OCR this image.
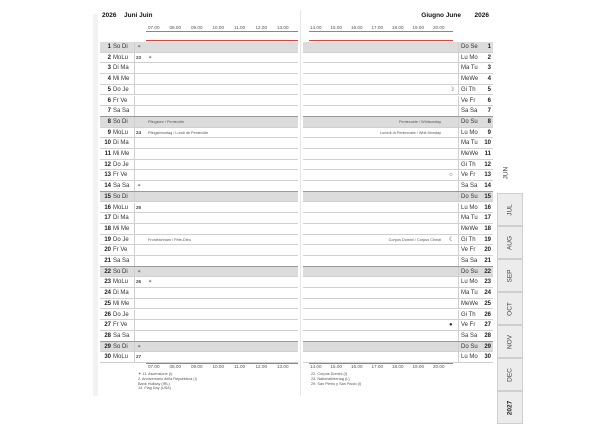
2026 Juni Juin
07.00 08.00 09.00 10.00 11.00 12.00 13.00
1 So Di ✶
2 MoLu 23 ✶
3 Di Ma
4 Mi Me
5 Do Je
6 Fr Ve
7 Sa Sa
8 So Di	Pfingsten / Pentecôte
9 MoLu 24 Pfingstmontag / Lundi de Pentecôte
10 Di Ma
11 Mi Me
12 Do Je
13 Fr Ve
14 Sa Sa ✶
15 So Di
16 MoLu 25
17 Di Ma
18 Mi Me
19 Do Je	Fronleichnam / Fête-Dieu
20 Fr Ve
21 Sa Sa
22 So Di ✶
23 MoLu 26 ✶
24 Di Ma
25 Mi Me
26 Do Je
27 Fr Ve
28 Sa Sa
29 So Di ✶
30 MoLu 27
07.00 08.00 09.00 10.00 11.00 12.00 13.00
✶ 11. Ascensione (I)
2. Anniversario della Repubblica (I)
Bank Holiday (IRL)
14. Flag Day (USA)
Giugno June 2026
14.00 15.00 16.00 17.00 18.00 19.00 20.00
Do Se	1
Lu Mo	2
Ma Tu	3
MeWe	4
☽ Gi Th	5
Ve Fr	6
Sa Sa	7
Pentecoste / Whitsunday	Do Su	8
Lunedì di Pentecoste / Whit Monday	Lu Mo	9
Ma Tu	10
MeWe	11
Gi Th	12
○ Ve Fr	13
Sa Sa	14
Do Su	15
Lu Mo	16
Ma Tu	17
MeWe	18
Corpus Domini / Corpus Christi ☾ Gi Th	19
Ve Fr	20
Sa Sa	21
Do Su	22
Lu Mo	23
Ma Tu	24
MeWe	25
Gi Th	26
● Ve Fr	27
Sa Sa	28
Do Su	29
Lu Mo	30
14.00 15.00 16.00 17.00 18.00 19.00 20.00
22. Corpus Domini (I)
23. Nationalfeiertag (L)
29. San Pietro y San Paolo (I)
JUN
JUL
AUG
SEP
OCT
NOV
DEC
2027
